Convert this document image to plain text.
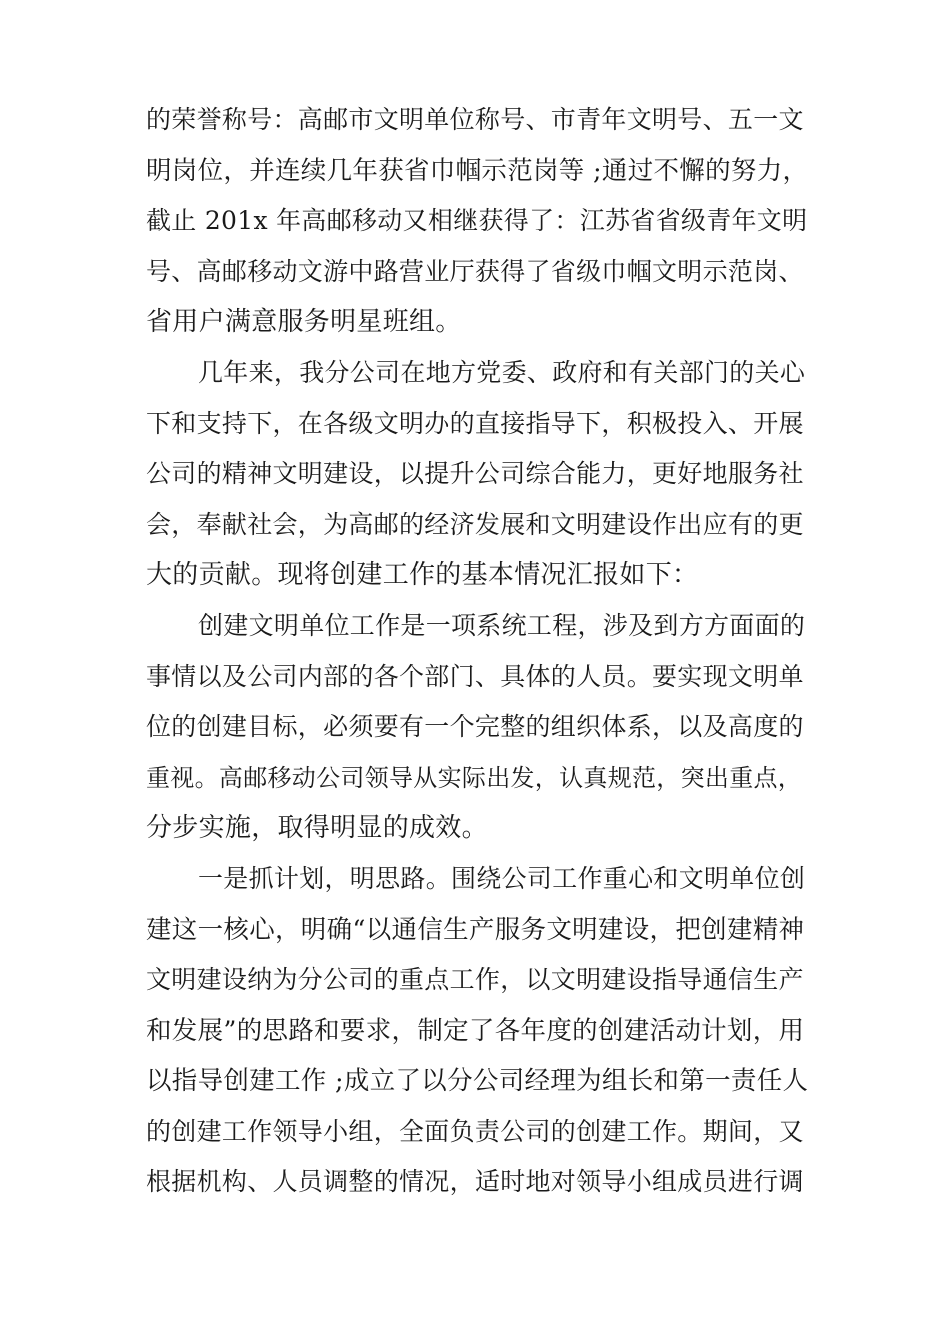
的荣誉称号：高邮市文明单位称号、市青年文明号、五一文
明岗位，并连续几年获省巾帼示范岗等 ;通过不懈的努力，
截止 201x 年高邮移动又相继获得了：江苏省省级青年文明
号、高邮移动文游中路营业厅获得了省级巾帼文明示范岗、
省用户满意服务明星班组。
几年来，我分公司在地方党委、政府和有关部门的关心
下和支持下，在各级文明办的直接指导下，积极投入、开展
公司的精神文明建设，以提升公司综合能力，更好地服务社
会，奉献社会，为高邮的经济发展和文明建设作出应有的更
大的贡献。现将创建工作的基本情况汇报如下：
创建文明单位工作是一项系统工程，涉及到方方面面的
事情以及公司内部的各个部门、具体的人员。要实现文明单
位的创建目标，必须要有一个完整的组织体系，以及高度的
重视。高邮移动公司领导从实际出发，认真规范，突出重点，
分步实施，取得明显的成效。
一是抓计划，明思路。围绕公司工作重心和文明单位创
建这一核心，明确“以通信生产服务文明建设，把创建精神
文明建设纳为分公司的重点工作，以文明建设指导通信生产
和发展”的思路和要求，制定了各年度的创建活动计划，用
以指导创建工作 ;成立了以分公司经理为组长和第一责任人
的创建工作领导小组，全面负责公司的创建工作。期间，又
根据机构、人员调整的情况，适时地对领导小组成员进行调
